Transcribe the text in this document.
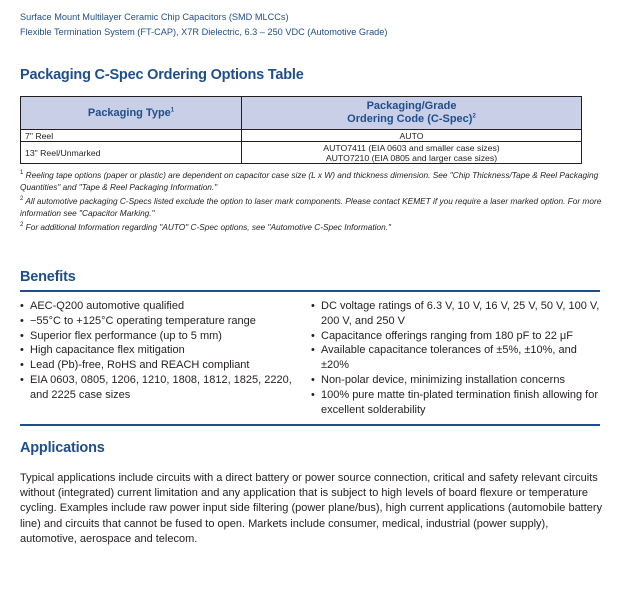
Surface Mount Multilayer Ceramic Chip Capacitors (SMD MLCCs)
Flexible Termination System (FT-CAP), X7R Dielectric, 6.3 – 250 VDC (Automotive Grade)
Packaging C-Spec Ordering Options Table
Packaging Type$^1$	Packaging/Grade
Ordering Code (C-Spec)$^2$

7" Reel	AUTO

13" Reel/Unmarked	AUTO7411 (EIA 0603 and smaller case sizes)
AUTO7210 (EIA 0805 and larger case sizes)

$^1$ Reeling tape options (paper or plastic) are dependent on capacitor case size (L x W) and thickness dimension. See "Chip Thickness/Tape & Reel Packaging Quantities" and "Tape & Reel Packaging Information."

$^2$ All automotive packaging C-Specs listed exclude the option to laser mark components. Please contact KEMET if you require a laser marked option. For more information see "Capacitor Marking."

$^2$ For additional Information regarding "AUTO" C-Spec options, see "Automotive C-Spec Information."

Benefits
• AEC-Q200 automotive qualified
• −55°C to +125°C operating temperature range
• Superior flex performance (up to 5 mm)
• High capacitance flex mitigation
• Lead (Pb)-free, RoHS and REACH compliant
• EIA 0603, 0805, 1206, 1210, 1808, 1812, 1825, 2220, and 2225 case sizes
• DC voltage ratings of 6.3 V, 10 V, 16 V, 25 V, 50 V, 100 V, 200 V, and 250 V
• Capacitance offerings ranging from 180 pF to 22 μF
• Available capacitance tolerances of ±5%, ±10%, and ±20%
• Non-polar device, minimizing installation concerns
• 100% pure matte tin-plated termination finish allowing for excellent solderability
Applications
Typical applications include circuits with a direct battery or power source connection, critical and safety relevant circuits without (integrated) current limitation and any application that is subject to high levels of board flexure or temperature cycling. Examples include raw power input side filtering (power plane/bus), high current applications (automobile battery line) and circuits that cannot be fused to open. Markets include consumer, medical, industrial (power supply), automotive, aerospace and telecom.
